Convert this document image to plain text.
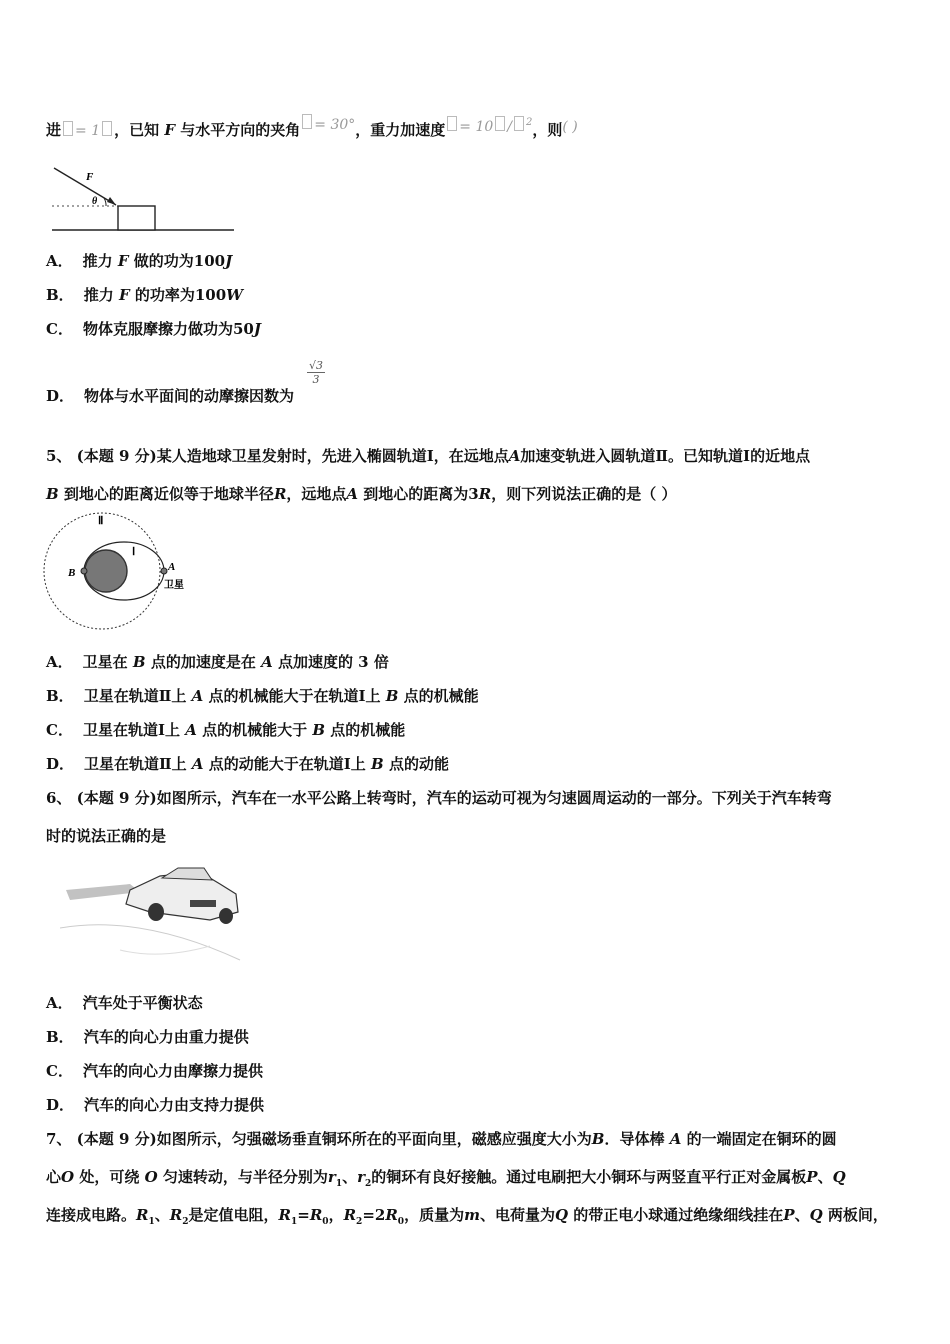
进 = 1 ，已知 F 与水平方向的夹角 = 30°，重力加速度 = 10 / $^2$，则( )
F
θ
A． 推力 F 做的功为100J
B． 推力 F 的功率为100W
C． 物体克服摩擦力做功为50J
D． 物体与水平面间的动摩擦因数为
$\frac{√3}{3}$
5、 (本题 9 分)某人造地球卫星发射时，先进入椭圆轨道Ⅰ，在远地点A加速变轨进入圆轨道Ⅱ。已知轨道Ⅰ的近地点
B 到地心的距离近似等于地球半径R，远地点A 到地心的距离为3R，则下列说法正确的是（ ）
Ⅱ
Ⅰ
A
B
卫星
A． 卫星在 B 点的加速度是在 A 点加速度的 3 倍
B． 卫星在轨道Ⅱ上 A 点的机械能大于在轨道Ⅰ上 B 点的机械能
C． 卫星在轨道Ⅰ上 A 点的机械能大于 B 点的机械能
D． 卫星在轨道Ⅱ上 A 点的动能大于在轨道Ⅰ上 B 点的动能
6、 (本题 9 分)如图所示，汽车在一水平公路上转弯时，汽车的运动可视为匀速圆周运动的一部分。下列关于汽车转弯
时的说法正确的是
A． 汽车处于平衡状态
B． 汽车的向心力由重力提供
C． 汽车的向心力由摩擦力提供
D． 汽车的向心力由支持力提供
7、 (本题 9 分)如图所示，匀强磁场垂直铜环所在的平面向里，磁感应强度大小为B．导体棒 A 的一端固定在铜环的圆
心O 处，可绕 O 匀速转动，与半径分别为$r_1$、$r_2$的铜环有良好接触。通过电刷把大小铜环与两竖直平行正对金属板P、Q
连接成电路。$R_1$、$R_2$是定值电阻，$R_1=R_0$，$R_2=2R_0$，质量为m、电荷量为Q 的带正电小球通过绝缘细线挂在P、Q 两板间，
